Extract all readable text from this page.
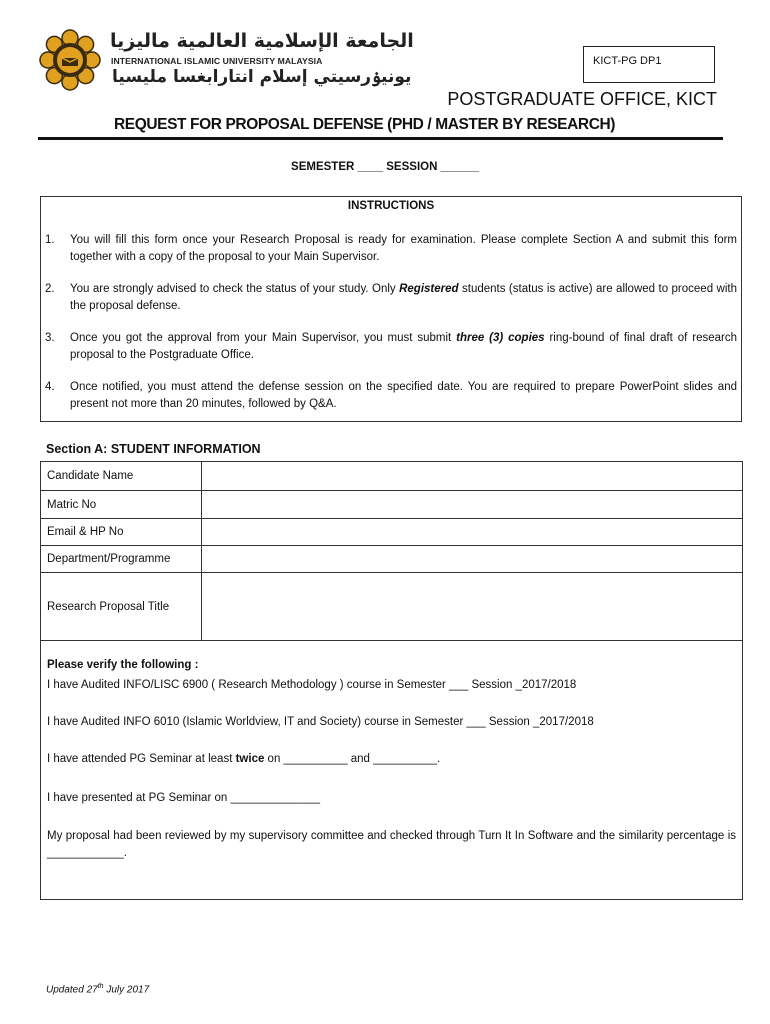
الجامعة الإسلامية العالمية ماليزيا
INTERNATIONAL ISLAMIC UNIVERSITY MALAYSIA
يونيۏرسيتي إسلام انتارابغسا مليسيا
KICT-PG DP1
POSTGRADUATE OFFICE, KICT
REQUEST FOR PROPOSAL DEFENSE (PHD / MASTER BY RESEARCH)
SEMESTER ____ SESSION ______
INSTRUCTIONS
1.	You will fill this form once your Research Proposal is ready for examination. Please complete Section A and submit this form together with a copy of the proposal to your Main Supervisor.
2.	You are strongly advised to check the status of your study. Only Registered students (status is active) are allowed to proceed with the proposal defense.
3.	Once you got the approval from your Main Supervisor, you must submit three (3) copies ring-bound of final draft of research proposal to the Postgraduate Office.
4.	Once notified, you must attend the defense session on the specified date. You are required to prepare PowerPoint slides and present not more than 20 minutes, followed by Q&A.
Section A: STUDENT INFORMATION
Candidate Name	
Matric No	
Email & HP No	
Department/Programme	
Research Proposal Title	
Please verify the following :
I have Audited INFO/LISC 6900 ( Research Methodology ) course in Semester ___ Session _2017/2018
I have Audited INFO 6010 (Islamic Worldview, IT and Society) course in Semester ___ Session _2017/2018
I have attended PG Seminar at least twice on __________ and __________.
I have presented at PG Seminar on ______________
My proposal had been reviewed by my supervisory committee and checked through Turn It In Software and the similarity percentage is ____________.
Updated 27th July 2017
